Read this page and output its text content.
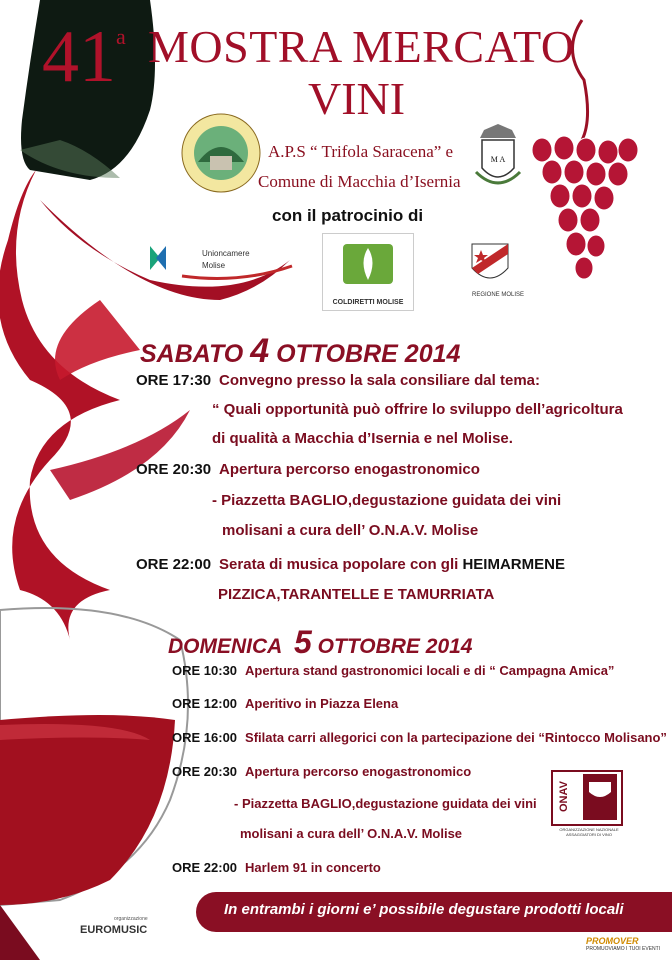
41$^a$ MOSTRA MERCATO
VINI
A.P.S “ Trifola Saracena” e
Comune di Macchia d’Isernia
M A
con il patrocinio di
Unioncamere
Molise
COLDIRETTI MOLISE
REGIONE MOLISE
SABATO 4 OTTOBRE 2014
ORE 17:30 Convegno presso la sala consiliare dal tema:
“ Quali opportunità può offrire lo sviluppo dell’agricoltura
di qualità a Macchia d’Isernia e nel Molise.
ORE 20:30 Apertura percorso enogastronomico
- Piazzetta BAGLIO,degustazione guidata dei vini
molisani a cura dell’ O.N.A.V. Molise
ORE 22:00 Serata di musica popolare con gli HEIMARMENE
PIZZICA,TARANTELLE E TAMURRIATA
DOMENICA 5 OTTOBRE 2014
ORE 10:30 Apertura stand gastronomici locali e di “ Campagna Amica”
ORE 12:00 Aperitivo in Piazza Elena
ORE 16:00 Sfilata carri allegorici con la partecipazione dei “Rintocco Molisano”
ORE 20:30 Apertura percorso enogastronomico
- Piazzetta BAGLIO,degustazione guidata dei vini
molisani a cura dell’ O.N.A.V. Molise
ORE 22:00 Harlem 91 in concerto
ONAV
ORGANIZZAZIONE NAZIONALE ASSAGGIATORI DI VINO
In entrambi i giorni e’ possibile degustare prodotti locali
organizzazione
EUROMUSIC
PROMOVER
PROMUOVIAMO I TUOI EVENTI
